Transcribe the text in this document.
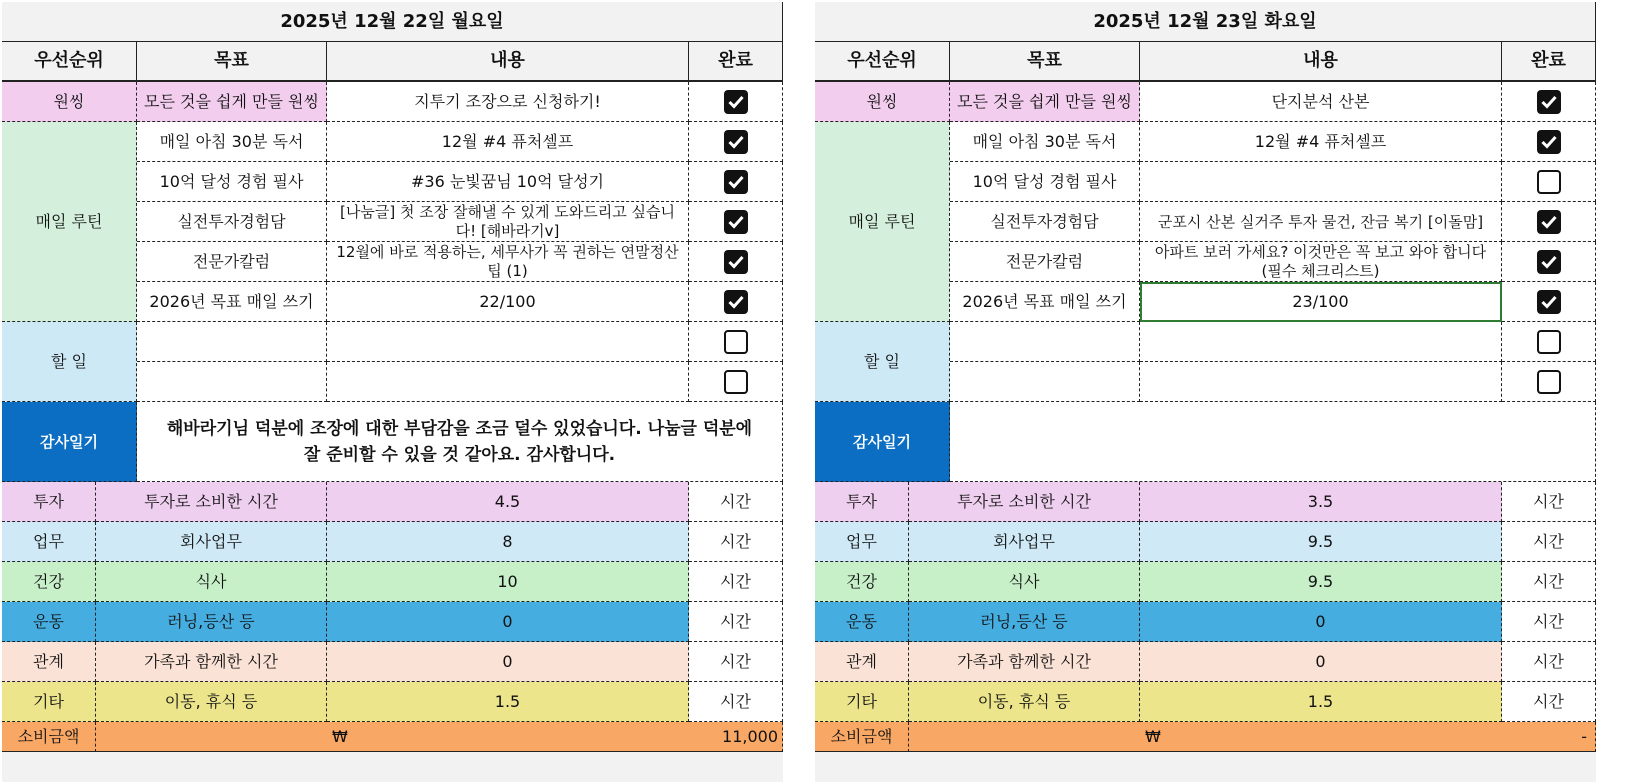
2025년 12월 22일 월요일
우선순위	목표	내용	완료
원씽	모든 것을 쉽게 만들 원씽	지투기 조장으로 신청하기!
매일 루틴
매일 아침 30분 독서	12월 #4 퓨처셀프
10억 달성 경험 필사	#36 눈빛꿈님 10억 달성기
실전투자경험담	[나눔글] 첫 조장 잘해낼 수 있게 도와드리고 싶습니다! [해바라기v]
전문가칼럼	12월에 바로 적용하는, 세무사가 꼭 권하는 연말정산 팁 (1)
2026년 목표 매일 쓰기	22/100
할 일
감사일기
해바라기님 덕분에 조장에 대한 부담감을 조금 덜수 있었습니다. 나눔글 덕분에 잘 준비할 수 있을 것 같아요. 감사합니다.
투자	투자로 소비한 시간	4.5	시간
업무	회사업무	8	시간
건강	식사	10	시간
운동	러닝,등산 등	0	시간
관계	가족과 함께한 시간	0	시간
기타	이동, 휴식 등	1.5	시간
소비금액	₩	11,000
2025년 12월 23일 화요일
우선순위	목표	내용	완료
원씽	모든 것을 쉽게 만들 원씽	단지분석 산본
매일 루틴
매일 아침 30분 독서	12월 #4 퓨처셀프
10억 달성 경험 필사
실전투자경험담	군포시 산본 실거주 투자 물건, 잔금 복기 [이돌맘]
전문가칼럼	아파트 보러 가세요? 이것만은 꼭 보고 와야 합니다 (필수 체크리스트)
2026년 목표 매일 쓰기	23/100
할 일
감사일기
투자	투자로 소비한 시간	3.5	시간
업무	회사업무	9.5	시간
건강	식사	9.5	시간
운동	러닝,등산 등	0	시간
관계	가족과 함께한 시간	0	시간
기타	이동, 휴식 등	1.5	시간
소비금액	₩	-
